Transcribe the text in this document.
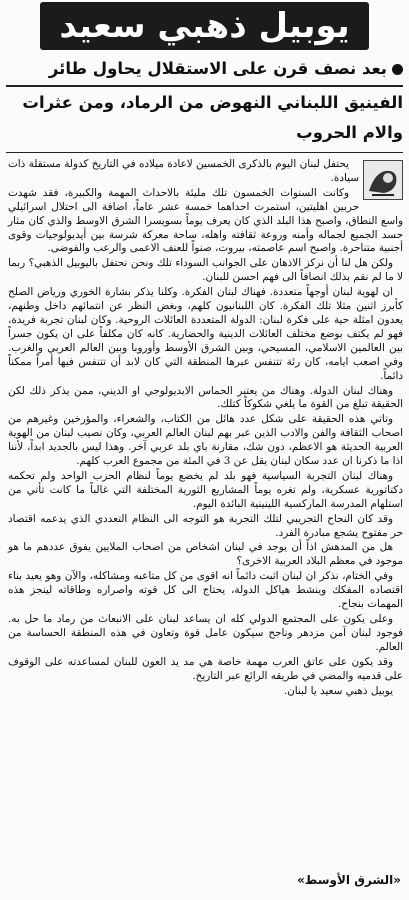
يوبيل ذهبي سعيد
بعد نصف قرن على الاستقلال يحاول طائر
الفينيق اللبناني النهوض من الرماد، ومن عثرات والام الحروب

يحتفل لبنان اليوم بالذكرى الخمسين لاعادة ميلاده في التاريخ كدولة مستقلة ذات سيادة.

وكانت السنوات الخمسون تلك مليئة بالاحداث المهمة والكبيرة، فقد شهدت حربين اهليتين، استمرت احداهما خمسة عشر عاماً، اضافة الى احتلال اسرائيلي واسع النطاق، واصبح هذا البلد الذي كان يعرف يوماً بسويسرا الشرق الاوسط والذي كان مثار حسد الجميع لجماله وأمنه وروعة ثقافته واهله، ساحة معركة شرسة بين أيديولوجيات وقوى أجنبية متناحرة. واصبح اسم عاصمته، بيروت، صنواً للعنف الاعمى والرعب والفوضى.

ولكن هل لنا أن نركز الاذهان على الجوانب السوداء تلك ونحن نحتفل باليوبيل الذهبي؟ ربما لا ما لم نقم بذلك انصافاً الى فهم احسن للبنان.

ان لهوية لبنان أوجهاً متعددة. فهناك لبنان الفكرة. وكلنا يذكر بشارة الخوري ورياض الصلح كأبرز اثنين مثلا تلك الفكرة. كان اللبنانيون كلهم، وبغض النظر عن انتمائهم داخل وطنهم، يعدون امثلة حية على فكرة لبنان: الدولة المتعددة العائلات الروحية. وكان لبنان تجربة فريدة، فهو لم يكتف بوضع مختلف العائلات الدينية والحضارية. كانه كان مكلفاً على ان يكون جسراً بين العالمين الاسلامي، المسيحي، وبين الشرق الأوسط وأوروبا وبين العالم العربي والغرب. وفي اصعب ايامه، كان رئة تتنفس عبرها المنطقة التي كان لابد أن تتنفس فيها أمراً ممكناً دائماً.

وهناك لبنان الدولة. وهناك من يعتبر الحماس الايديولوجي او الديني، ممن يذكر ذلك لكن الحقيقة تبلغ من القوة ما يلغي شكوكاً كتلك.

وتاتي هذه الحقيقة على شكل عدد هائل من الكتاب، والشعراء، والمؤرخين وغيرهم من اصحاب الثقافة والفن والادب الذين عبر بهم لبنان العالم العربي، وكان نصيب لبنان من الهوية العربية الحديثة هو الاعظم، دون شك، مقارنة باي بلد عربي آخر. وهذا ليس بالجديد ابداً، لأننا اذا ما ذكرنا ان عدد سكان لبنان يقل عن 3 في المئة من مجموع العرب كلهم.

وهناك لبنان التجربة السياسية فهو بلد لم يخضع يوماً لنظام الحزب الواحد ولم تحكمه دكتاتورية عسكرية، ولم تغره يوماً المشاريع الثورية المختلفة التي غالباً ما كانت تأتي من استلهام المدرسة الماركسية اللينينية البائدة اليوم.

وقد كان النجاح التجريبي لتلك التجربة هو التوجه الى النظام التعددي الذي يدعمه اقتصاد حر مفتوح يشجع مبادرة الفرد.

هل من المدهش اذاً أن يوجد في لبنان اشخاص من اصحاب الملايين يفوق عددهم ما هو موجود في معظم البلاد العربية الاخرى؟

وفي الختام، نذكر ان لبنان اثبت دائماً انه اقوى من كل متاعبه ومشاكله، والآن وهو يعيد بناء اقتصاده المفكك وينشط هياكل الدولة، يحتاج الى كل قوته واصراره وطاقاته لينجز هذه المهمات بنجاح.

وعلى يكون على المجتمع الدولي كله ان يساعد لبنان على الانبعاث من رماد ما حل به. فوجود لبنان آمن مزدهر وناجح سيكون عامل قوة وتعاون في هذه المنطقة الحساسة من العالم.

وقد يكون على عاتق العرب مهمة خاصة هي مد يد العون للبنان لمساعدته على الوقوف على قدميه والمضي في طريقه الرائع عبر التاريخ.

يوبيل ذهبي سعيد يا لبنان.

«الشرق الأوسط»
